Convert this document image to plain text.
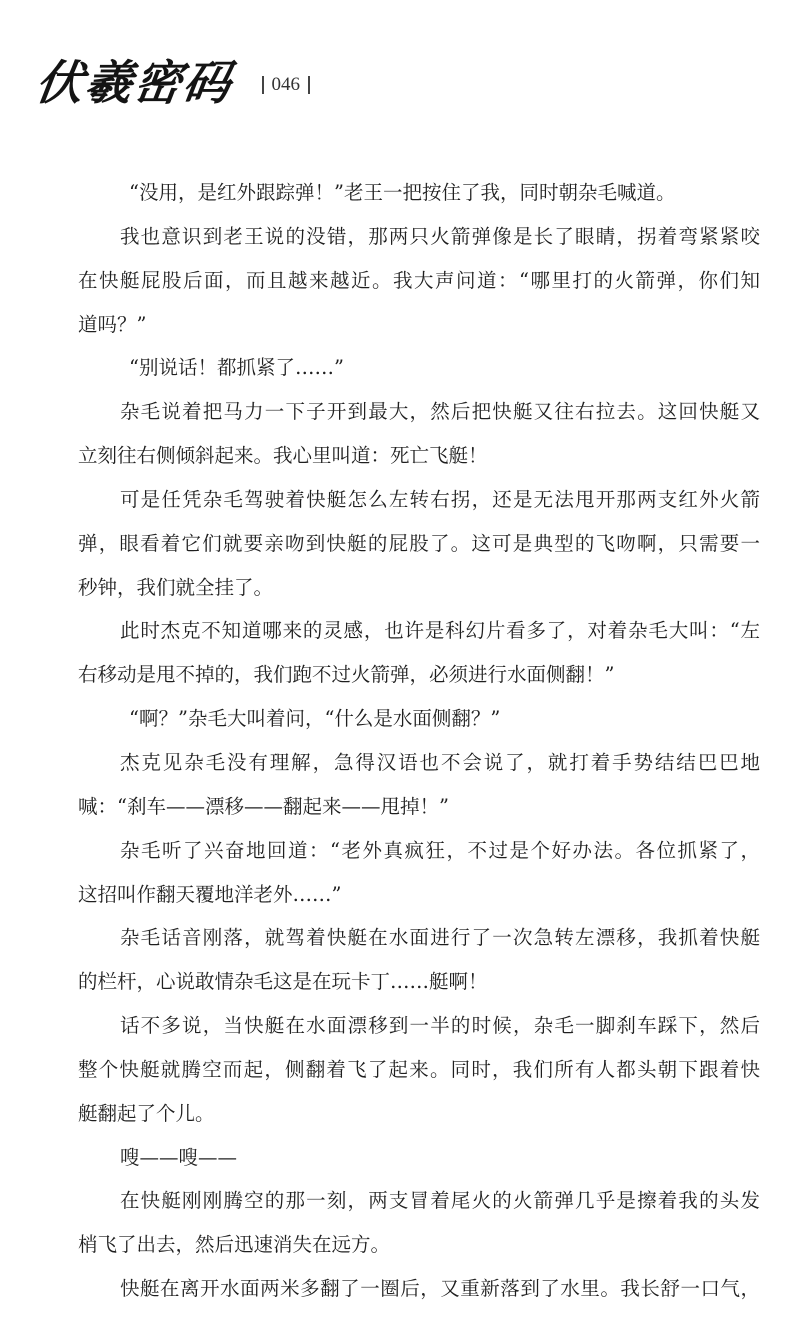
伏羲密码 046
“没用，是红外跟踪弹！”老王一把按住了我，同时朝杂毛喊道。
我也意识到老王说的没错，那两只火箭弹像是长了眼睛，拐着弯紧紧咬
在快艇屁股后面，而且越来越近。我大声问道：“哪里打的火箭弹，你们知
道吗？”
“别说话！都抓紧了……”
杂毛说着把马力一下子开到最大，然后把快艇又往右拉去。这回快艇又
立刻往右侧倾斜起来。我心里叫道：死亡飞艇！
可是任凭杂毛驾驶着快艇怎么左转右拐，还是无法甩开那两支红外火箭
弹，眼看着它们就要亲吻到快艇的屁股了。这可是典型的飞吻啊，只需要一
秒钟，我们就全挂了。
此时杰克不知道哪来的灵感，也许是科幻片看多了，对着杂毛大叫：“左
右移动是甩不掉的，我们跑不过火箭弹，必须进行水面侧翻！”
“啊？”杂毛大叫着问，“什么是水面侧翻？”
杰克见杂毛没有理解，急得汉语也不会说了，就打着手势结结巴巴地
喊：“刹车——漂移——翻起来——甩掉！”
杂毛听了兴奋地回道：“老外真疯狂，不过是个好办法。各位抓紧了，
这招叫作翻天覆地洋老外……”
杂毛话音刚落，就驾着快艇在水面进行了一次急转左漂移，我抓着快艇
的栏杆，心说敢情杂毛这是在玩卡丁……艇啊！
话不多说，当快艇在水面漂移到一半的时候，杂毛一脚刹车踩下，然后
整个快艇就腾空而起，侧翻着飞了起来。同时，我们所有人都头朝下跟着快
艇翻起了个儿。
嗖——嗖——
在快艇刚刚腾空的那一刻，两支冒着尾火的火箭弹几乎是擦着我的头发
梢飞了出去，然后迅速消失在远方。
快艇在离开水面两米多翻了一圈后，又重新落到了水里。我长舒一口气，
